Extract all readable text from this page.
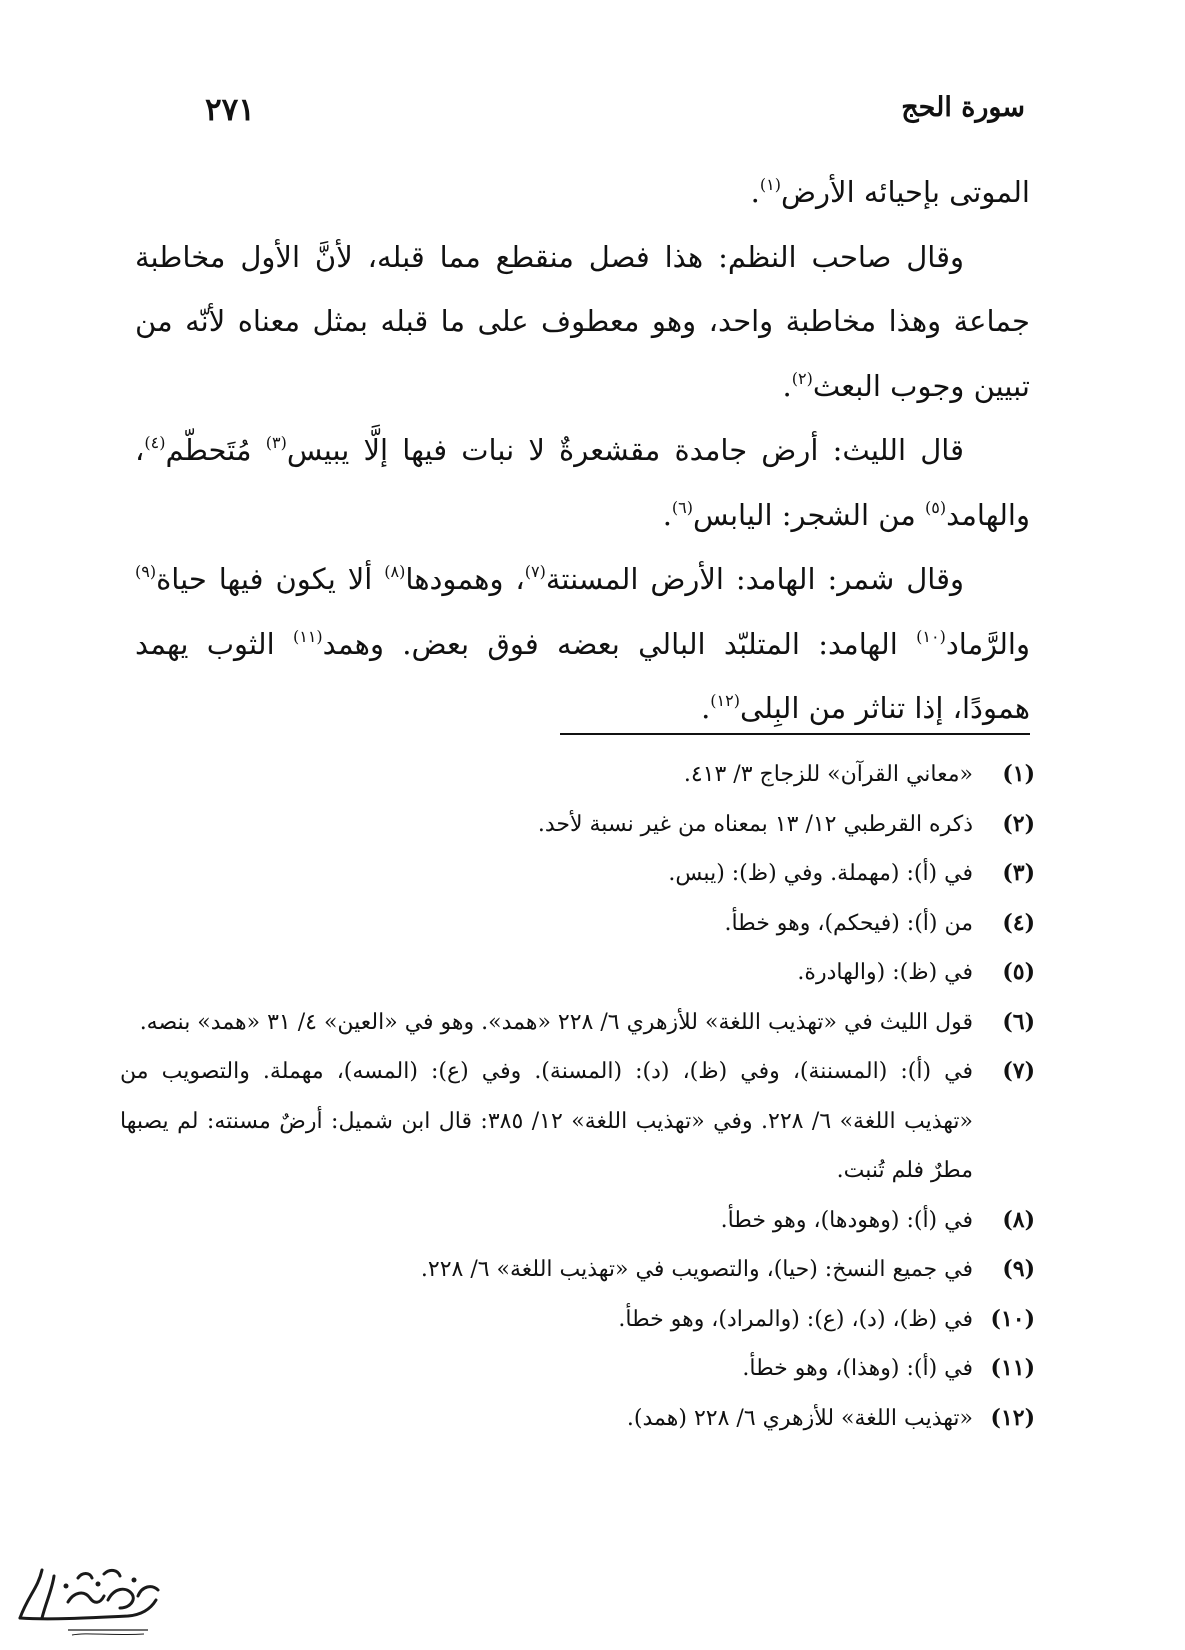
سورة الحج
٢٧١

الموتى بإحيائه الأرض$^{(١)}$.

وقال صاحب النظم: هذا فصل منقطع مما قبله، لأنَّ الأول مخاطبة جماعة وهذا مخاطبة واحد، وهو معطوف على ما قبله بمثل معناه لأنّه من تبيين وجوب البعث$^{(٢)}$.

قال الليث: أرض جامدة مقشعرةٌ لا نبات فيها إلَّا يبيس$^{(٣)}$ مُتَحطّم$^{(٤)}$، والهامد$^{(٥)}$ من الشجر: اليابس$^{(٦)}$.

وقال شمر: الهامد: الأرض المسنتة$^{(٧)}$، وهمودها$^{(٨)}$ ألا يكون فيها حياة$^{(٩)}$ والرَّماد$^{(١٠)}$ الهامد: المتلبّد البالي بعضه فوق بعض. وهمد$^{(١١)}$ الثوب يهمد همودًا، إذا تناثر من البِلى$^{(١٢)}$.

(١)
«معاني القرآن» للزجاج ٣/ ٤١٣.
(٢)
ذكره القرطبي ١٢/ ١٣ بمعناه من غير نسبة لأحد.
(٣)
في (أ): (مهملة. وفي (ظ): (يبس.
(٤)
من (أ): (فيحكم)، وهو خطأ.
(٥)
في (ظ): (والهادرة.
(٦)
قول الليث في «تهذيب اللغة» للأزهري ٦/ ٢٢٨ «همد». وهو في «العين» ٤/ ٣١ «همد» بنصه.
(٧)
في (أ): (المسننة)، وفي (ظ)، (د): (المسنة). وفي (ع): (المسه)، مهملة. والتصويب من «تهذيب اللغة» ٦/ ٢٢٨. وفي «تهذيب اللغة» ١٢/ ٣٨٥: قال ابن شميل: أرضٌ مسنته: لم يصبها مطرٌ فلم تُنبت.
(٨)
في (أ): (وهودها)، وهو خطأ.
(٩)
في جميع النسخ: (حيا)، والتصويب في «تهذيب اللغة» ٦/ ٢٢٨.
(١٠)
في (ظ)، (د)، (ع): (والمراد)، وهو خطأ.
(١١)
في (أ): (وهذا)، وهو خطأ.
(١٢)
«تهذيب اللغة» للأزهري ٦/ ٢٢٨ (همد).
